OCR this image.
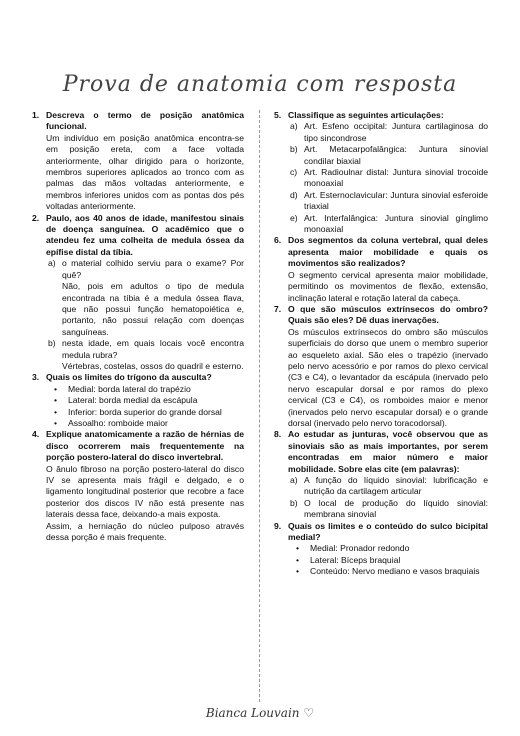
Prova de anatomia com resposta
1. Descreva o termo de posição anatômica funcional.

Um indivíduo em posição anatômica encontra-se em posição ereta, com a face voltada anteriormente, olhar dirigido para o horizonte, membros superiores aplicados ao tronco com as palmas das mãos voltadas anteriormente, e membros inferiores unidos com as pontas dos pés voltadas anteriormente.

2. Paulo, aos 40 anos de idade, manifestou sinais de doença sanguínea. O acadêmico que o atendeu fez uma colheita de medula óssea da epífise distal da tíbia.
a) o material colhido serviu para o exame? Por quê?

Não, pois em adultos o tipo de medula encontrada na tíbia é a medula óssea flava, que não possui função hematopoiética e, portanto, não possui relação com doenças sanguíneas.

b) nesta idade, em quais locais você encontra medula rubra?

Vértebras, costelas, ossos do quadril e esterno.

3. Quais os limites do trígono da ausculta?
•	Medial: borda lateral do trapézio
•	Lateral: borda medial da escápula
•	Inferior: borda superior do grande dorsal
•	Assoalho: romboide maior
4. Explique anatomicamente a razão de hérnias de disco ocorrerem mais frequentemente na porção postero-lateral do disco invertebral.

O ânulo fibroso na porção postero-lateral do disco IV se apresenta mais frágil e delgado, e o ligamento longitudinal posterior que recobre a face posterior dos discos IV não está presente nas laterais dessa face, deixando-a mais exposta.

Assim, a herniação do núcleo pulposo através dessa porção é mais frequente.

5. Classifique as seguintes articulações:
a) Art. Esfeno occipital: Juntura cartilaginosa do tipo sincondrose
b) Art. Metacarpofalângica: Juntura sinovial condilar biaxial
c) Art. Radioulnar distal: Juntura sinovial trocoide monoaxial
d) Art. Esternoclavicular: Juntura sinovial esferoide triaxial
e) Art. Interfalângica: Juntura sinovial gínglimo monoaxial
6. Dos segmentos da coluna vertebral, qual deles apresenta maior mobilidade e quais os movimentos são realizados?

O segmento cervical apresenta maior mobilidade, permitindo os movimentos de flexão, extensão, inclinação lateral e rotação lateral da cabeça.

7. O que são músculos extrínsecos do ombro? Quais são eles? Dê duas inervações.

Os músculos extrínsecos do ombro são músculos superficiais do dorso que unem o membro superior ao esqueleto axial. São eles o trapézio (inervado pelo nervo acessório e por ramos do plexo cervical (C3 e C4), o levantador da escápula (inervado pelo nervo escapular dorsal e por ramos do plexo cervical (C3 e C4), os romboides maior e menor (inervados pelo nervo escapular dorsal) e o grande dorsal (inervado pelo nervo toracodorsal).

8. Ao estudar as junturas, você observou que as sinoviais são as mais importantes, por serem encontradas em maior número e maior mobilidade. Sobre elas cite (em palavras):
a) A função do líquido sinovial: lubrificação e nutrição da cartilagem articular
b) O local de produção do líquido sinovial: membrana sinovial
9. Quais os limites e o conteúdo do sulco bicipital medial?
•	Medial: Pronador redondo
•	Lateral: Bíceps braquial
•	Conteúdo: Nervo mediano e vasos braquiais
Bianca Louvain ♡
